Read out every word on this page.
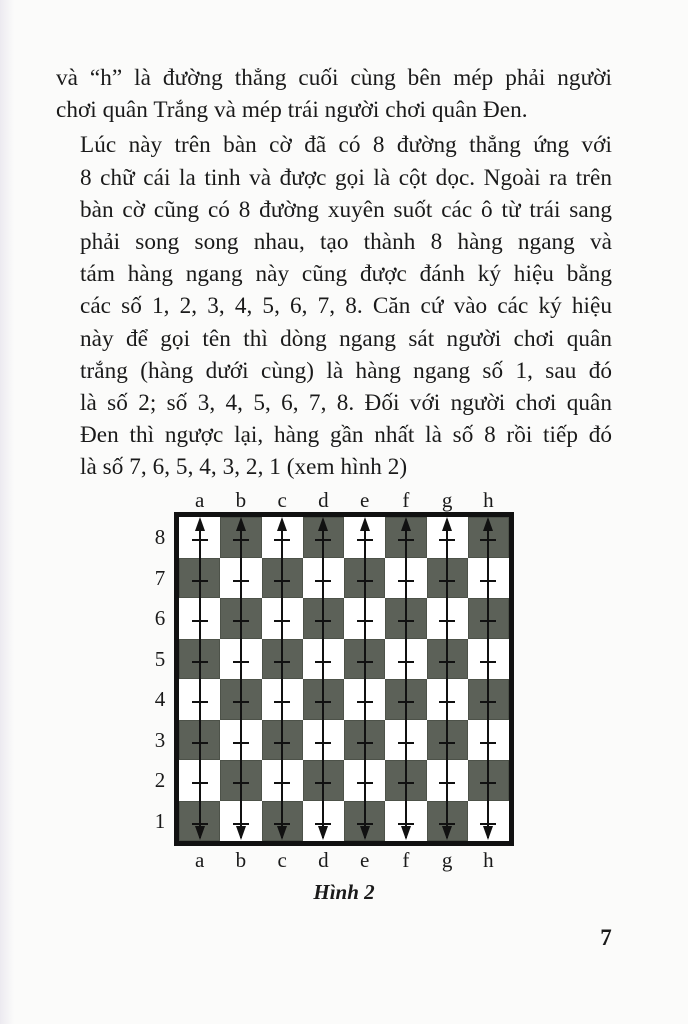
và “h” là đường thẳng cuối cùng bên mép phải người
chơi quân Trắng và mép trái người chơi quân Đen.

Lúc này trên bàn cờ đã có 8 đường thẳng ứng với
8 chữ cái la tinh và được gọi là cột dọc. Ngoài ra trên
bàn cờ cũng có 8 đường xuyên suốt các ô từ trái sang
phải song song nhau, tạo thành 8 hàng ngang và
tám hàng ngang này cũng được đánh ký hiệu bằng
các số 1, 2, 3, 4, 5, 6, 7, 8. Căn cứ vào các ký hiệu
này để gọi tên thì dòng ngang sát người chơi quân
trắng (hàng dưới cùng) là hàng ngang số 1, sau đó
là số 2; số 3, 4, 5, 6, 7, 8. Đối với người chơi quân
Đen thì ngược lại, hàng gần nhất là số 8 rồi tiếp đó
là số 7, 6, 5, 4, 3, 2, 1 (xem hình 2)

Hình 2
7
a
a
b
b
c
c
d
d
e
e
f
f
g
g
h
h
8
7
6
5
4
3
2
1
